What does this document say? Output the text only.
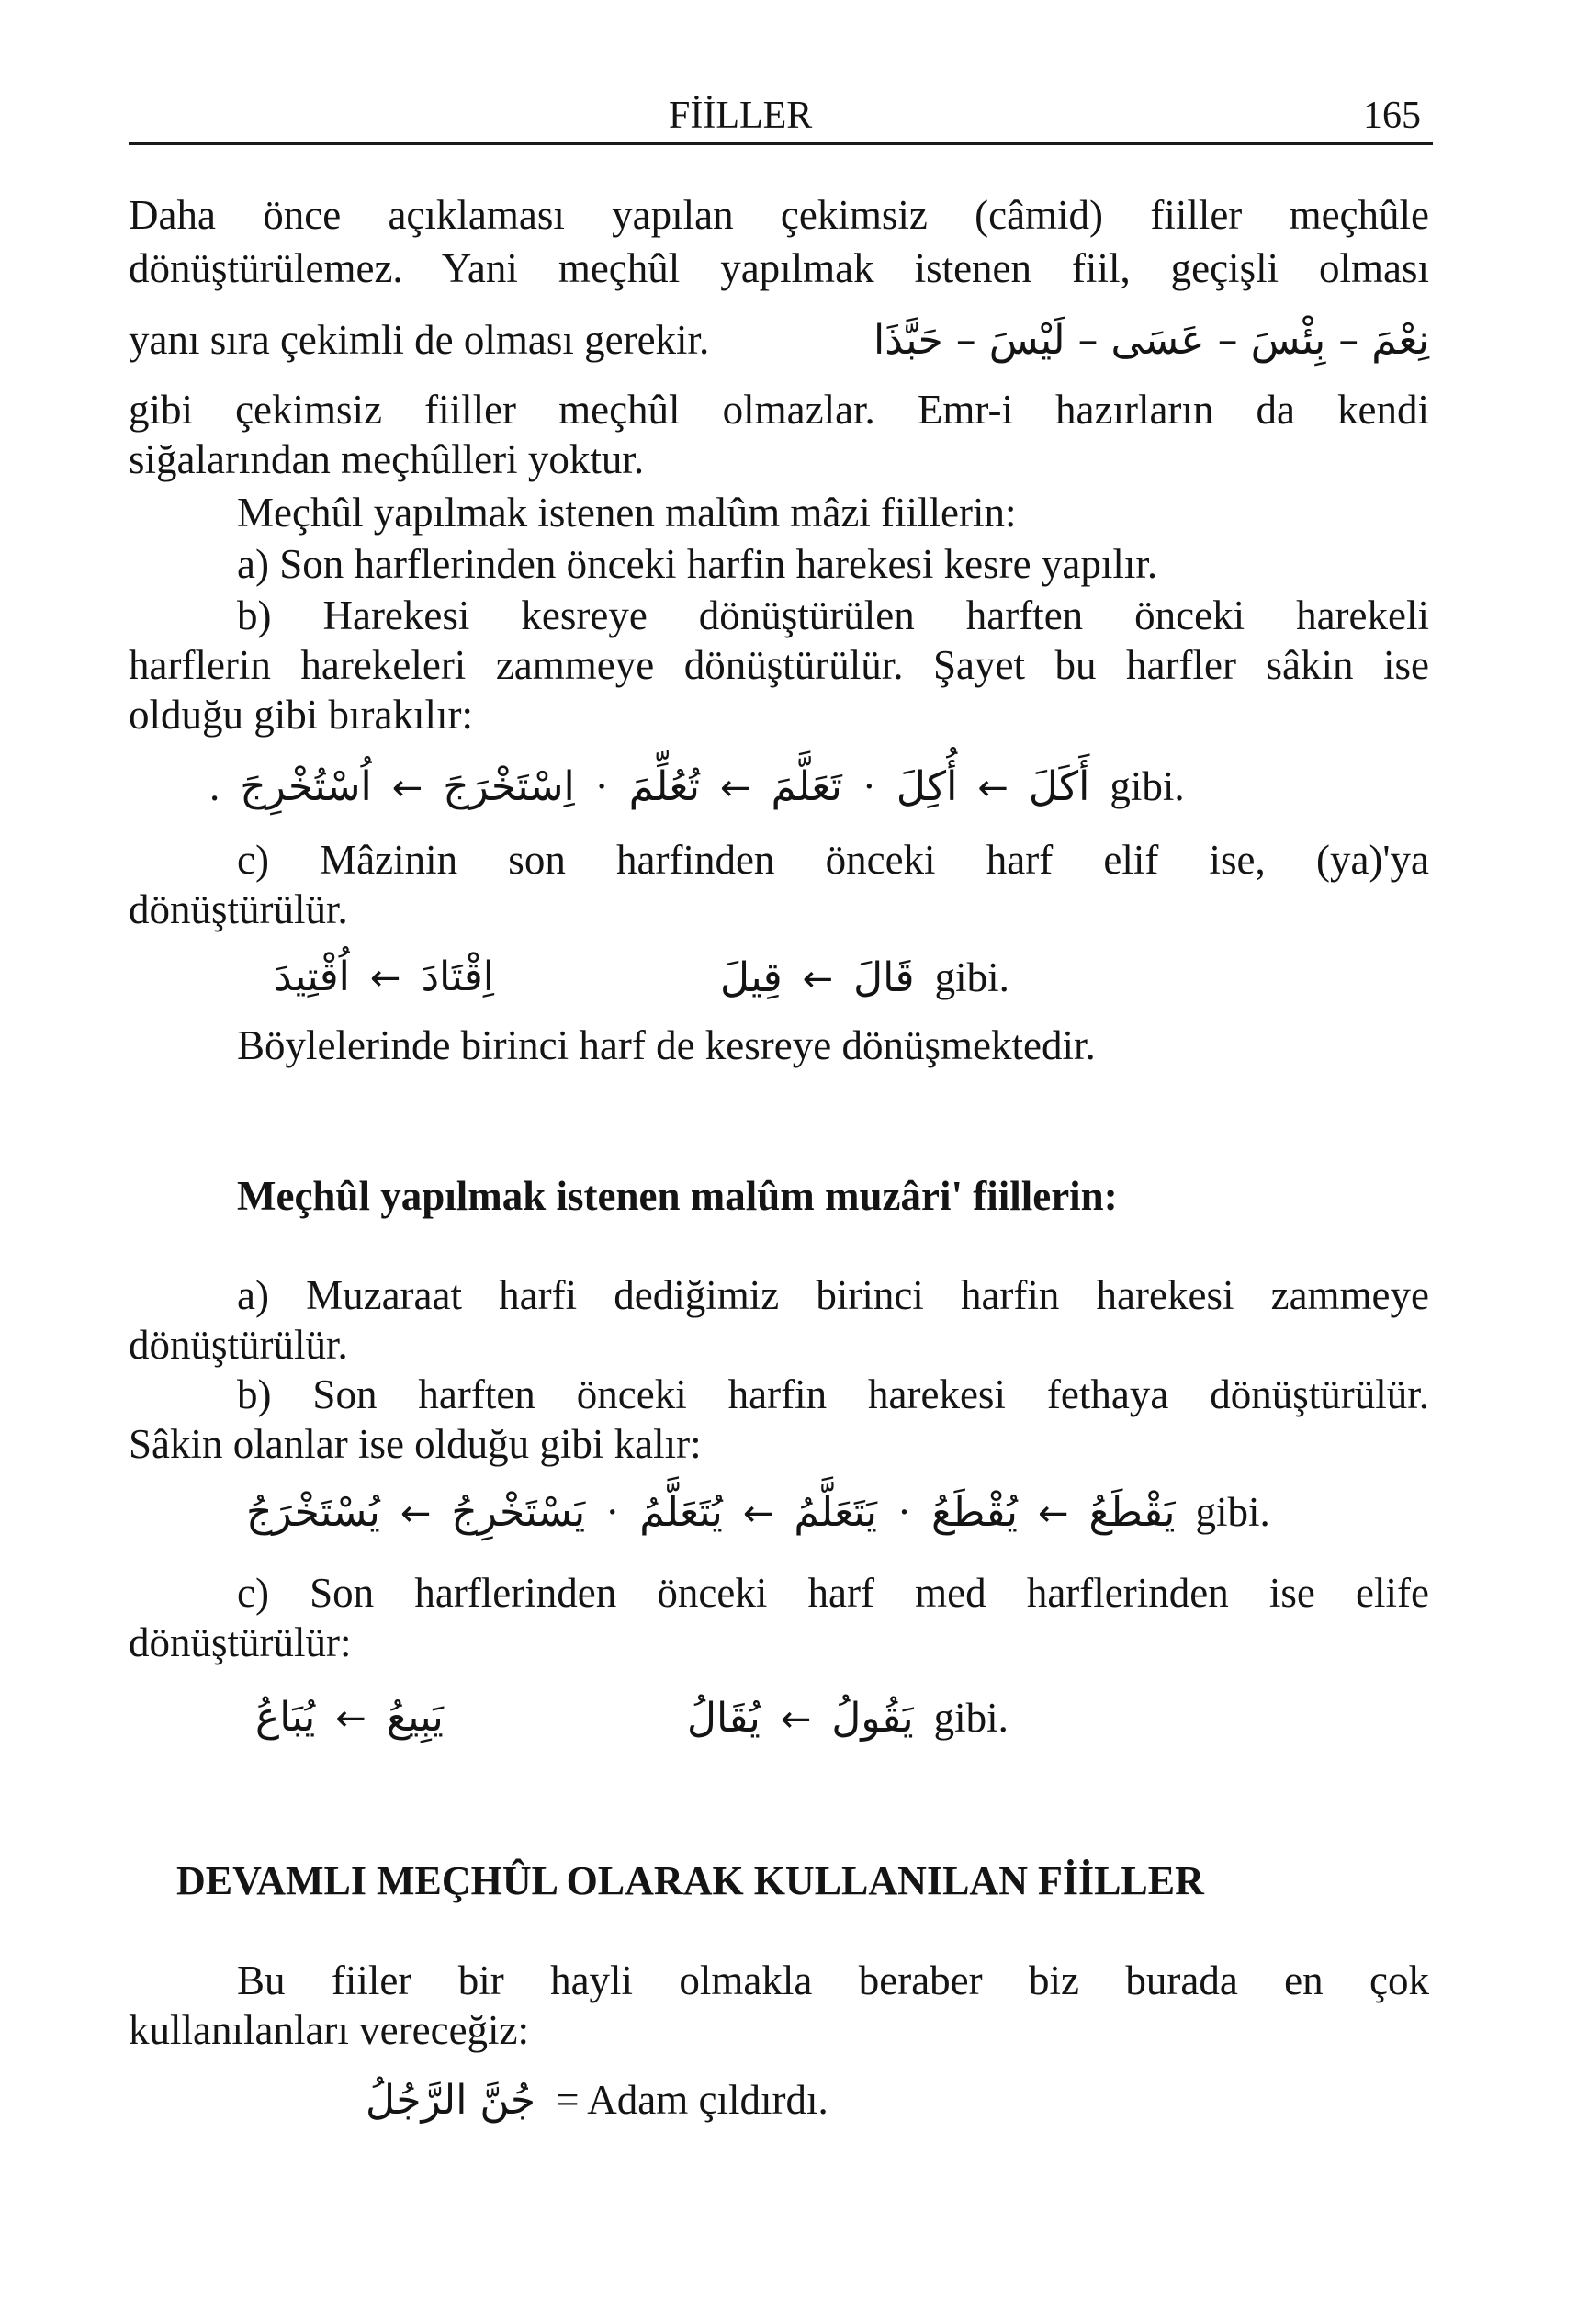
FİİLLER	165
Daha önce açıklaması yapılan çekimsiz (câmid) fiiller meçhûle
dönüştürülemez. Yani meçhûl yapılmak istenen fiil, geçişli olması
yanı sıra çekimli de olması gerekir.	نِعْمَ – بِئْسَ – عَسَى – لَيْسَ – حَبَّذَا
gibi çekimsiz fiiller meçhûl olmazlar. Emr-i hazırların da kendi
siğalarından meçhûlleri yoktur.
Meçhûl yapılmak istenen malûm mâzi fiillerin:
a) Son harflerinden önceki harfin harekesi kesre yapılır.
b) Harekesi kesreye dönüştürülen harften önceki harekeli
harflerin harekeleri zammeye dönüştürülür. Şayet bu harfler sâkin ise
olduğu gibi bırakılır:
. اُسْتُخْرِجَ ← اِسْتَخْرَجَ · تُعُلِّمَ ← تَعَلَّمَ · أُكِلَ ← أَكَلَ gibi.
c) Mâzinin son harfinden önceki harf elif ise, (ya)'ya
dönüştürülür.
اُقْتِيدَ ← اِقْتَادَ	قِيلَ ← قَالَ gibi.
Böylelerinde birinci harf de kesreye dönüşmektedir.
Meçhûl yapılmak istenen malûm muzâri' fiillerin:
a) Muzaraat harfi dediğimiz birinci harfin harekesi zammeye
dönüştürülür.
b) Son harften önceki harfin harekesi fethaya dönüştürülür.
Sâkin olanlar ise olduğu gibi kalır:
يُسْتَخْرَجُ ← يَسْتَخْرِجُ · يُتَعَلَّمُ ← يَتَعَلَّمُ · يُقْطَعُ ← يَقْطَعُ gibi.
c) Son harflerinden önceki harf med harflerinden ise elife
dönüştürülür:
يُبَاعُ ← يَبِيعُ	يُقَالُ ← يَقُولُ gibi.
DEVAMLI MEÇHÛL OLARAK KULLANILAN FİİLLER
Bu fiiler bir hayli olmakla beraber biz burada en çok
kullanılanları vereceğiz:
جُنَّ الرَّجُلُ = Adam çıldırdı.
